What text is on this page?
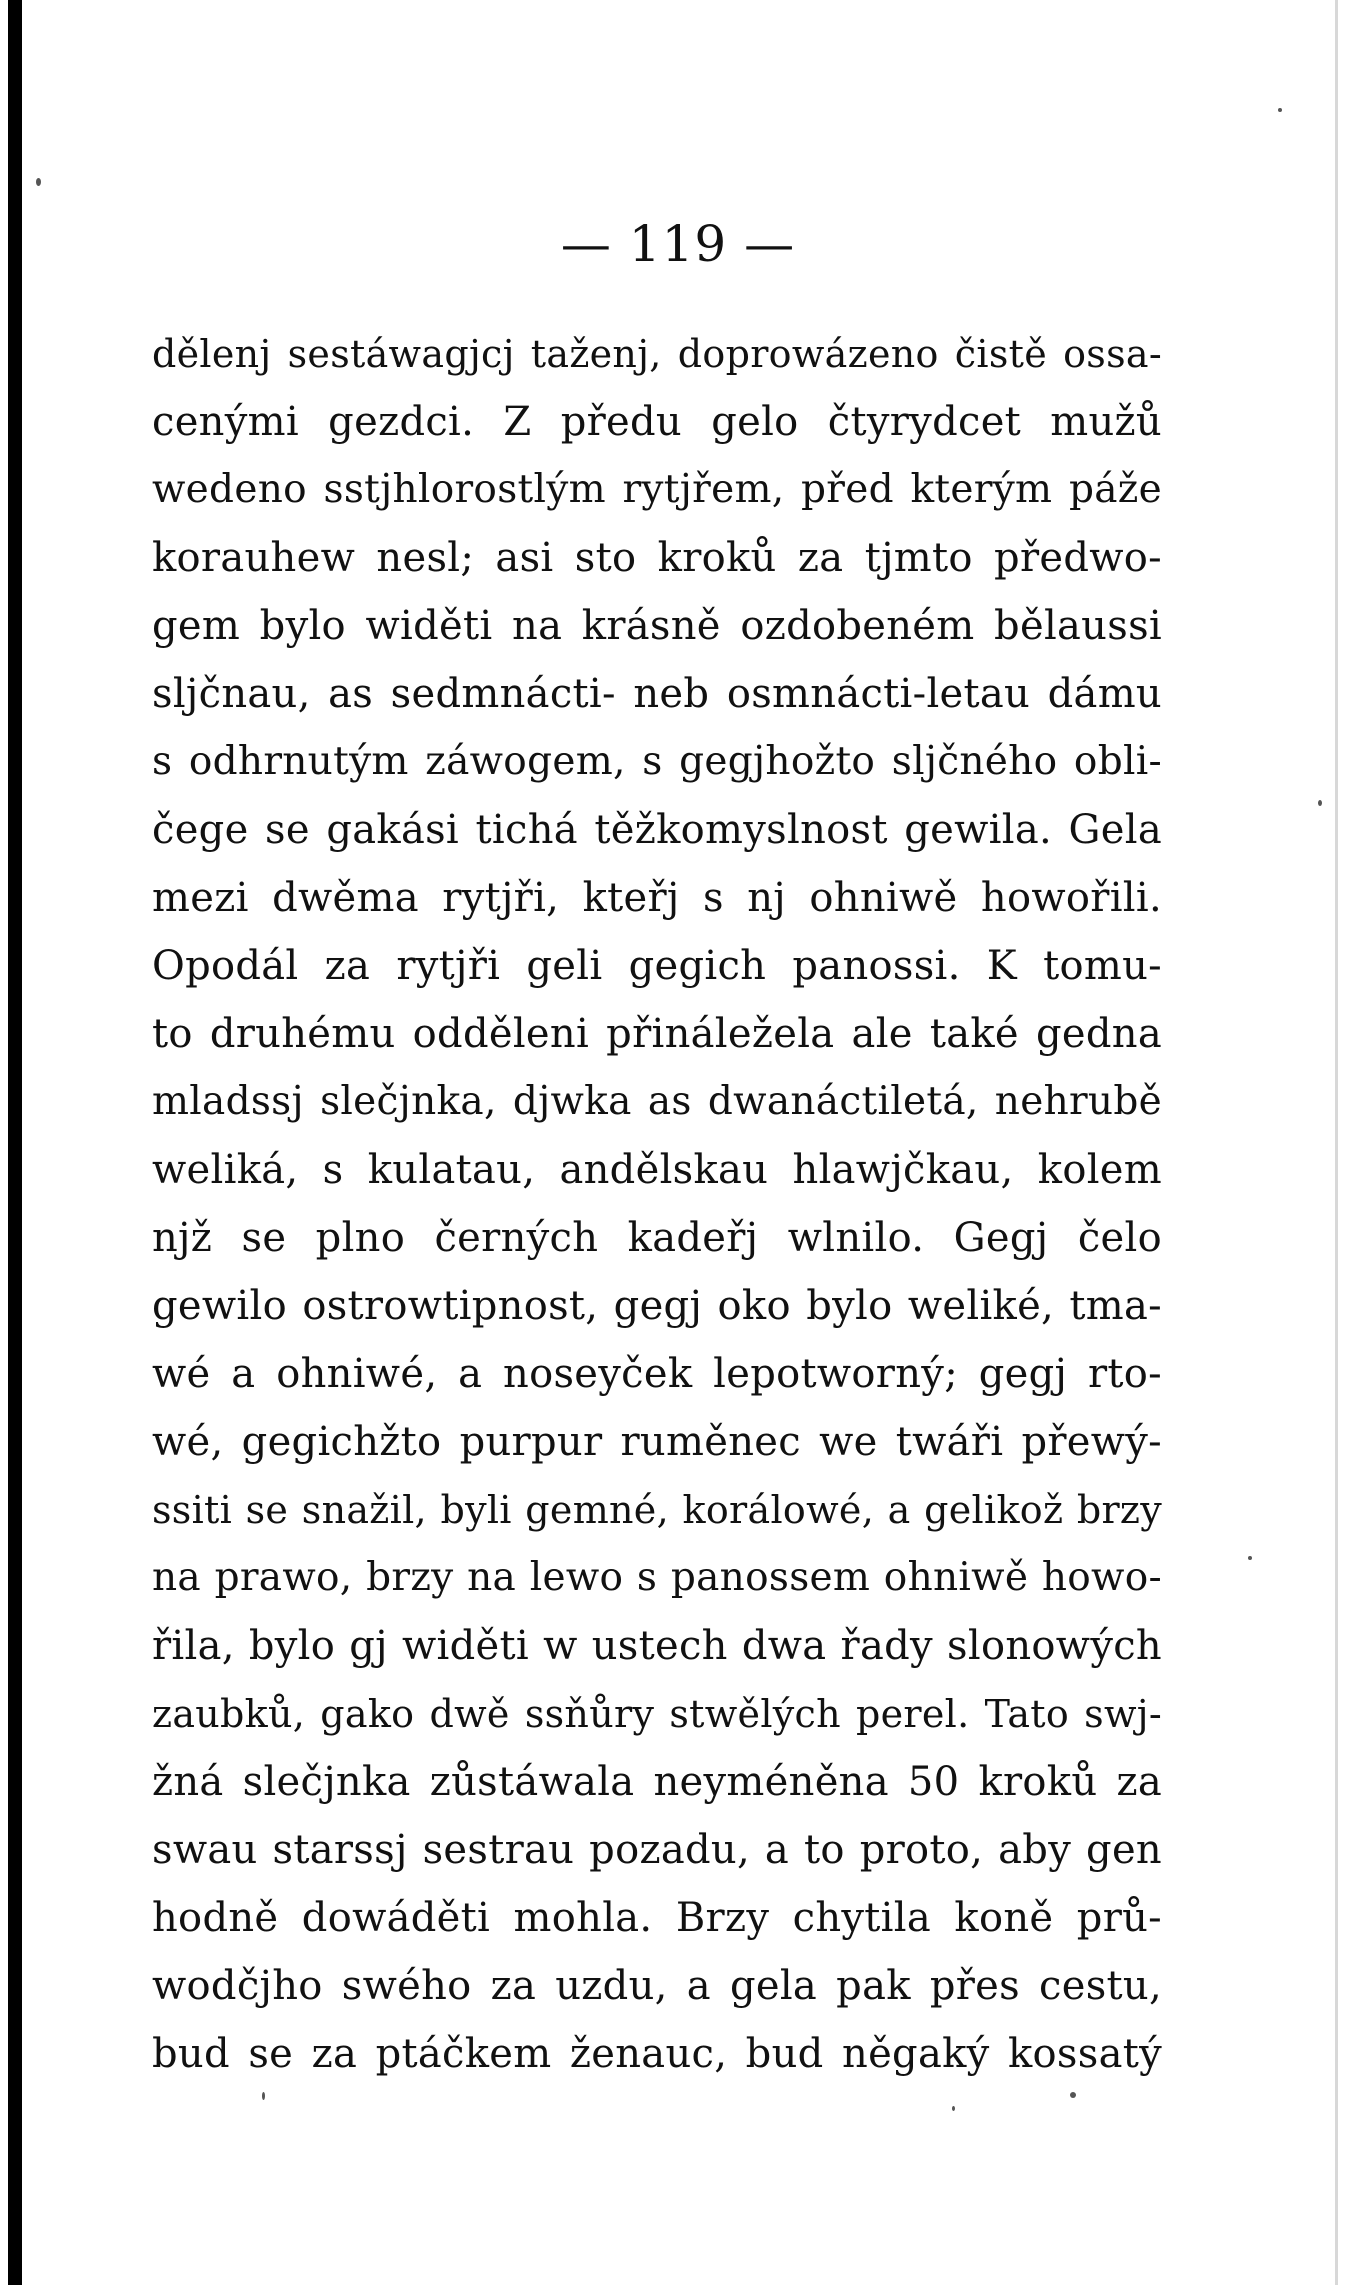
— 119 —
dělenj sestáwagjcj taženj, doprowázeno čistě ossa-
cenými gezdci. Z předu gelo čtyrydcet mužů
wedeno sstjhlorostlým rytjřem, před kterým páže
korauhew nesl; asi sto kroků za tjmto předwo-
gem bylo widěti na krásně ozdobeném bělaussi
sljčnau, as sedmnácti- neb osmnácti-letau dámu
s odhrnutým záwogem, s gegjhožto sljčného obli-
čege se gakási tichá těžkomyslnost gewila. Gela
mezi dwěma rytjři, kteřj s nj ohniwě howořili.
Opodál za rytjři geli gegich panossi. K tomu-
to druhému odděleni přináležela ale také gedna
mladssj slečjnka, djwka as dwanáctiletá, nehrubě
weliká, s kulatau, andělskau hlawjčkau, kolem
njž se plno černých kadeřj wlnilo. Gegj čelo
gewilo ostrowtipnost, gegj oko bylo weliké, tma-
wé a ohniwé, a noseyček lepotworný; gegj rto-
wé, gegichžto purpur ruměnec we twáři přewý-
ssiti se snažil, byli gemné, korálowé, a gelikož brzy
na prawo, brzy na lewo s panossem ohniwě howo-
řila, bylo gj widěti w ustech dwa řady slonowých
zaubků, gako dwě ssňůry stwělých perel. Tato swj-
žná slečjnka zůstáwala neyméněna 50 kroků za
swau starssj sestrau pozadu, a to proto, aby gen
hodně dowáděti mohla. Brzy chytila koně prů-
wodčjho swého za uzdu, a gela pak přes cestu,
bud se za ptáčkem ženauc, bud něgaký kossatý
